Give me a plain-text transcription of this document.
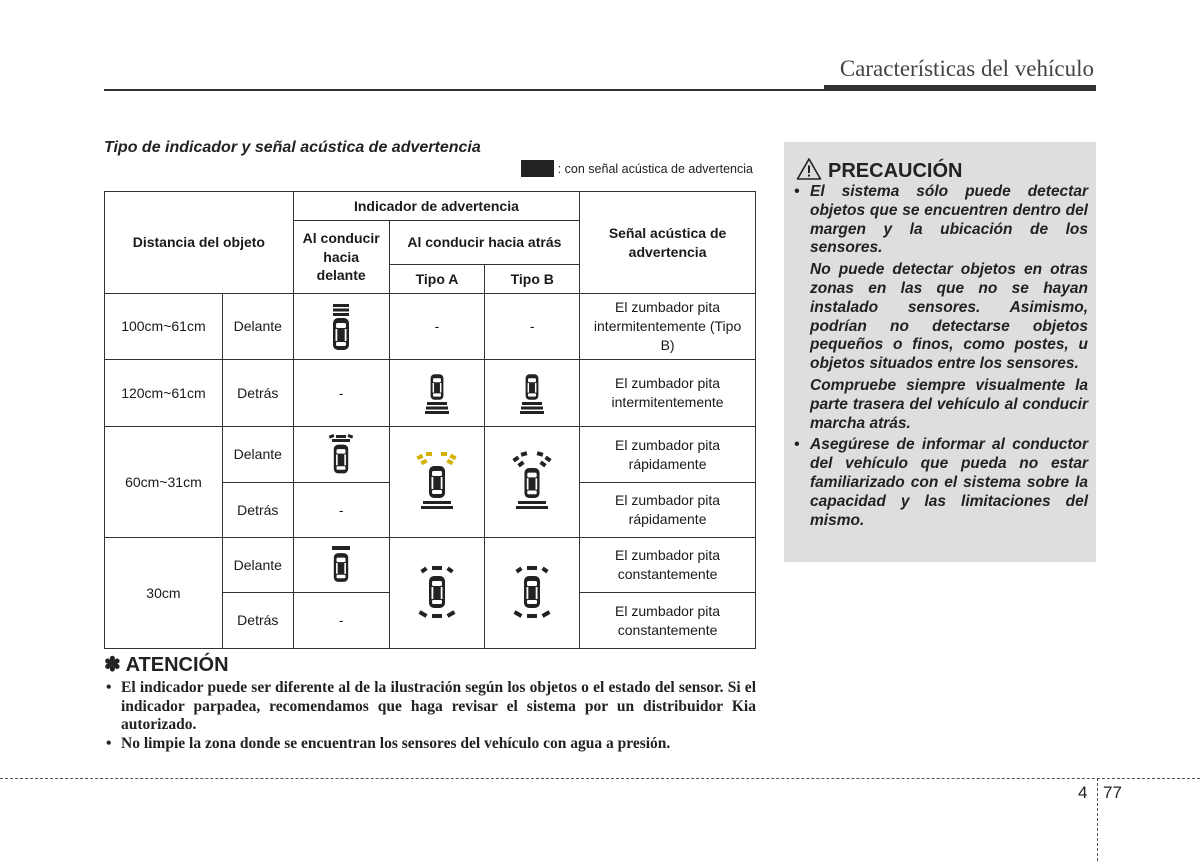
Características del vehículo
Tipo de indicador y señal acústica de advertencia
: con señal acústica de advertencia
Distancia del objeto		Indicador de advertencia			Señal acústica de advertencia
		Al conducir hacia delante	Al conducir hacia atrás		
			Tipo A	Tipo B	
100cm~61cm	Delante		-	-	El zumbador pita intermitentemente (Tipo B)
120cm~61cm	Detrás	-			El zumbador pita intermitentemente
60cm~31cm	Delante				El zumbador pita rápidamente
	Detrás	-			El zumbador pita rápidamente
30cm	Delante				El zumbador pita constantemente
	Detrás	-			El zumbador pita constantemente
✽ ATENCIÓN
• El indicador puede ser diferente al de la ilustración según los objetos o el estado del sensor. Si el indicador parpadea, recomendamos que haga revisar el sistema por un distribuidor Kia autorizado.
• No limpie la zona donde se encuentran los sensores del vehículo con agua a presión.
PRECAUCIÓN
• El sistema sólo puede detectar objetos que se encuentren dentro del margen y la ubicación de los sensores.
No puede detectar objetos en otras zonas en las que no se hayan instalado sensores. Asimismo, podrían no detectarse objetos pequeños o finos, como postes, u objetos situados entre los sensores.
Compruebe siempre visualmente la parte trasera del vehículo al conducir marcha atrás.
• Asegúrese de informar al conductor del vehículo que pueda no estar familiarizado con el sistema sobre la capacidad y las limitaciones del mismo.
4 77
